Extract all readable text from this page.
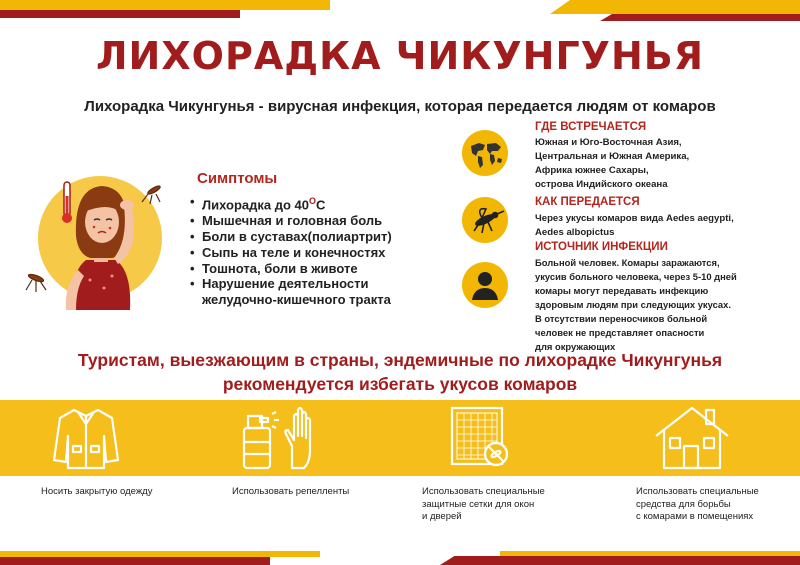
ЛИХОРАДКА ЧИКУНГУНЬЯ
Лихорадка Чикунгунья - вирусная инфекция, которая передается людям от комаров
Симптомы
• Лихорадка до $40^ОС$
• Мышечная и головная боль
• Боли в суставах(полиартрит)
• Сыпь на теле и конечностях
• Тошнота, боли в животе
• Нарушение деятельности
желудочно-кишечного тракта
ГДЕ ВСТРЕЧАЕТСЯ
Южная и Юго-Восточная Азия,
Центральная и Южная Америка,
Африка южнее Сахары,
острова Индийского океана
КАК ПЕРЕДАЕТСЯ
Через укусы комаров вида Aedes aegypti,
Aedes albopictus
ИСТОЧНИК ИНФЕКЦИИ
Больной человек. Комары заражаются,
укусив больного человека, через 5-10 дней
комары могут передавать инфекцию
здоровым людям при следующих укусах.
В отсутствии переносчиков больной
человек не представляет опасности
для окружающих
Туристам, выезжающим в страны, эндемичные по лихорадке Чикунгунья
рекомендуется избегать укусов комаров
Носить закрытую одежду	Использовать репелленты	Использовать специальные
защитные сетки для окон
и дверей
Использовать специальные
средства для борьбы
с комарами в помещениях
